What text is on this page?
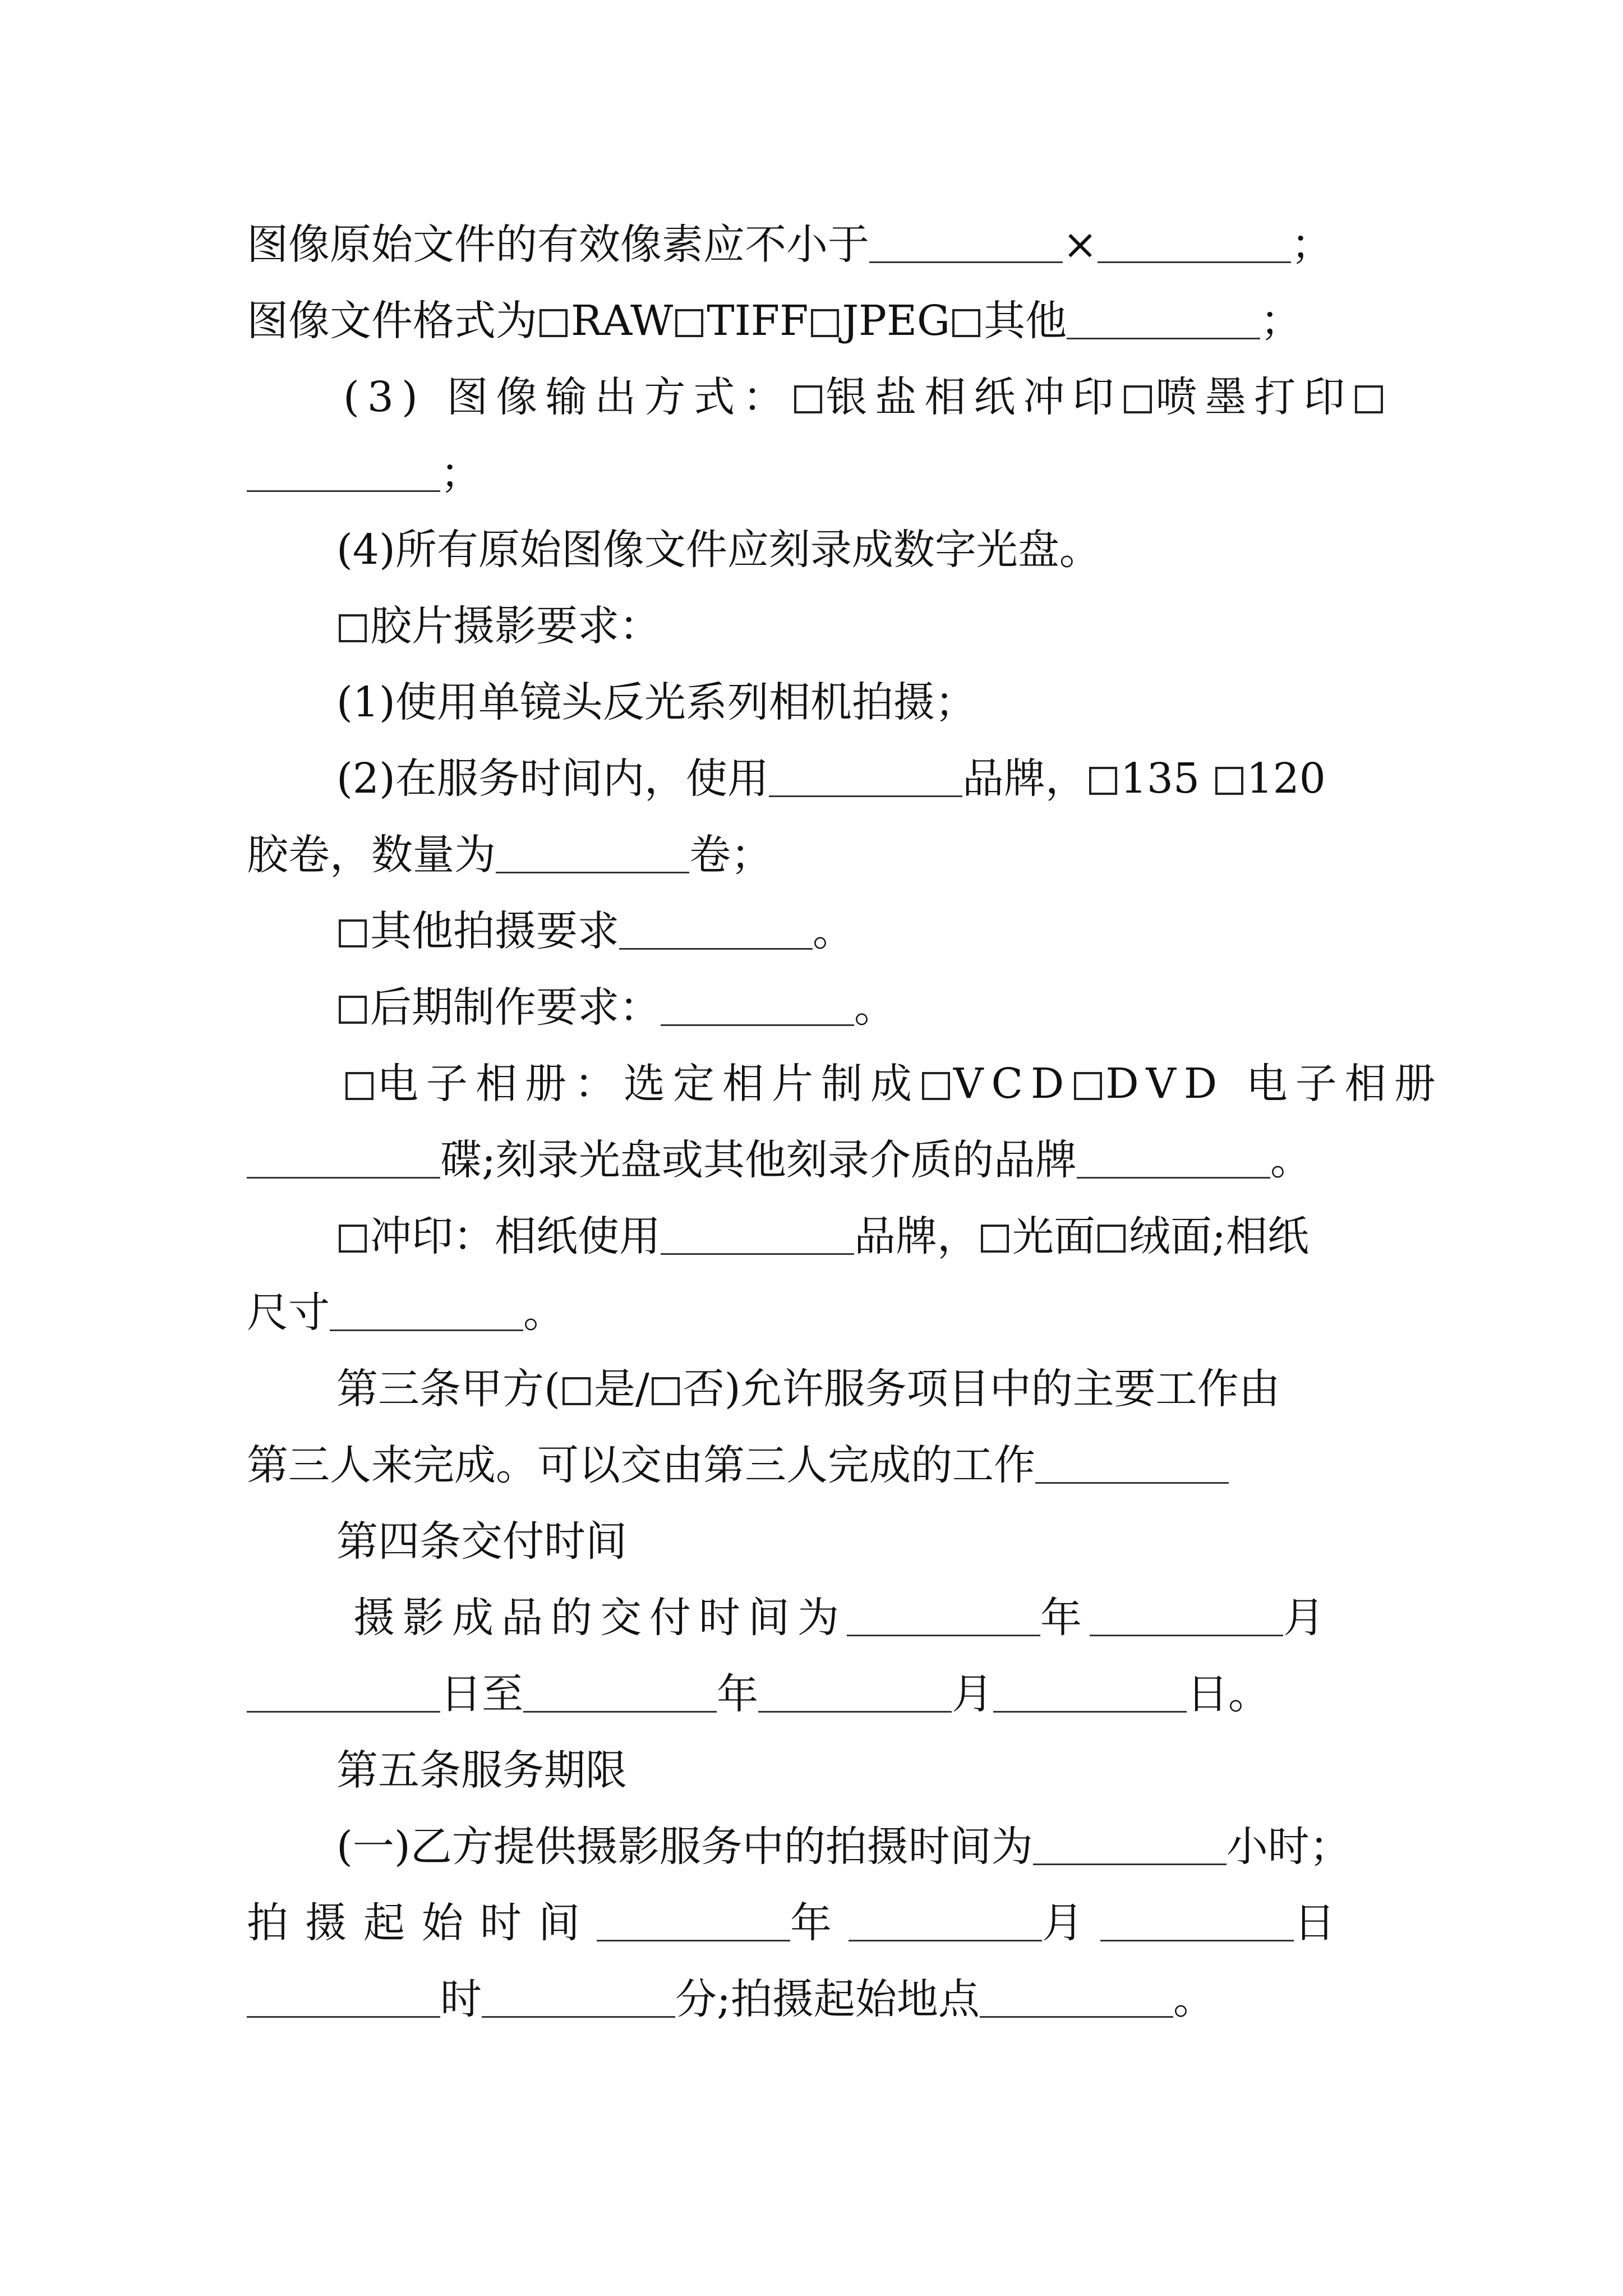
图像原始文件的有效像素应不小于	×	；
图像文件格式为 RAW TIFF JPEG 其他	；
(3) 图像输出方式： 银盐相纸冲印 喷墨打印
；
(4)所有原始图像文件应刻录成数字光盘。
胶片摄影要求：
(1)使用单镜头反光系列相机拍摄；
(2)在服务时间内，使用	品牌， 135 120
胶卷，数量为	卷；
其他拍摄要求	。
后期制作要求：	。
电子相册：选定相片制成 VCD DVD 电子相册
碟;刻录光盘或其他刻录介质的品牌	。
冲印：相纸使用	品牌， 光面 绒面;相纸
尺寸	。
第三条甲方( 是/ 否)允许服务项目中的主要工作由
第三人来完成。可以交由第三人完成的工作
第四条交付时间
摄影成品的交付时间为	年	月
日至	年	月	日。
第五条服务期限
(一)乙方提供摄影服务中的拍摄时间为	小时；
拍摄起始时间	年	月	日
时	分;拍摄起始地点	。
